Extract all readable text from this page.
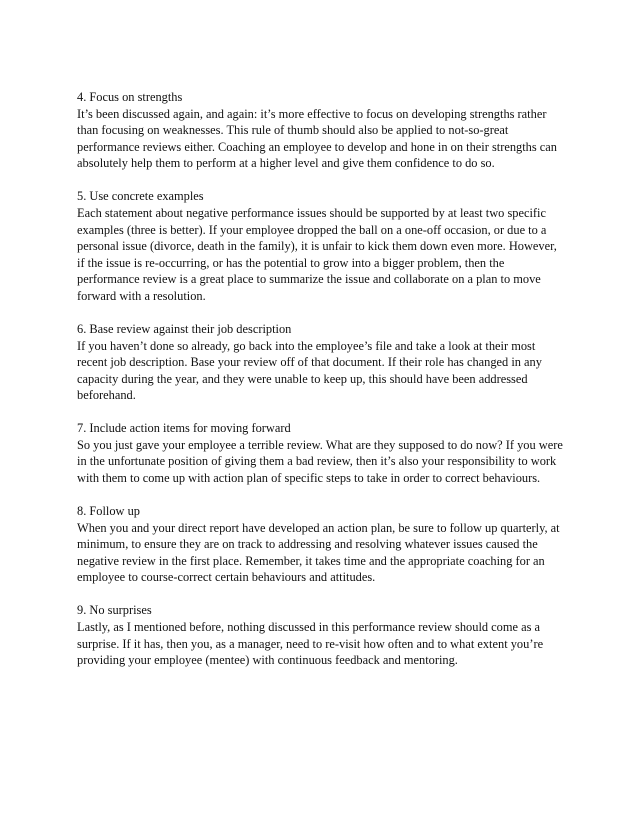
4. Focus on strengths

It’s been discussed again, and again: it’s more effective to focus on developing strengths rather than focusing on weaknesses. This rule of thumb should also be applied to not-so-great performance reviews either. Coaching an employee to develop and hone in on their strengths can absolutely help them to perform at a higher level and give them confidence to do so.

5. Use concrete examples

Each statement about negative performance issues should be supported by at least two specific examples (three is better). If your employee dropped the ball on a one-off occasion, or due to a personal issue (divorce, death in the family), it is unfair to kick them down even more. However, if the issue is re-occurring, or has the potential to grow into a bigger problem, then the performance review is a great place to summarize the issue and collaborate on a plan to move forward with a resolution.

6. Base review against their job description

If you haven’t done so already, go back into the employee’s file and take a look at their most recent job description. Base your review off of that document. If their role has changed in any capacity during the year, and they were unable to keep up, this should have been addressed beforehand.

7. Include action items for moving forward

So you just gave your employee a terrible review. What are they supposed to do now? If you were in the unfortunate position of giving them a bad review, then it’s also your responsibility to work with them to come up with action plan of specific steps to take in order to correct behaviours.

8. Follow up

When you and your direct report have developed an action plan, be sure to follow up quarterly, at minimum, to ensure they are on track to addressing and resolving whatever issues caused the negative review in the first place. Remember, it takes time and the appropriate coaching for an employee to course-correct certain behaviours and attitudes.

9. No surprises

Lastly, as I mentioned before, nothing discussed in this performance review should come as a surprise. If it has, then you, as a manager, need to re-visit how often and to what extent you’re providing your employee (mentee) with continuous feedback and mentoring.
